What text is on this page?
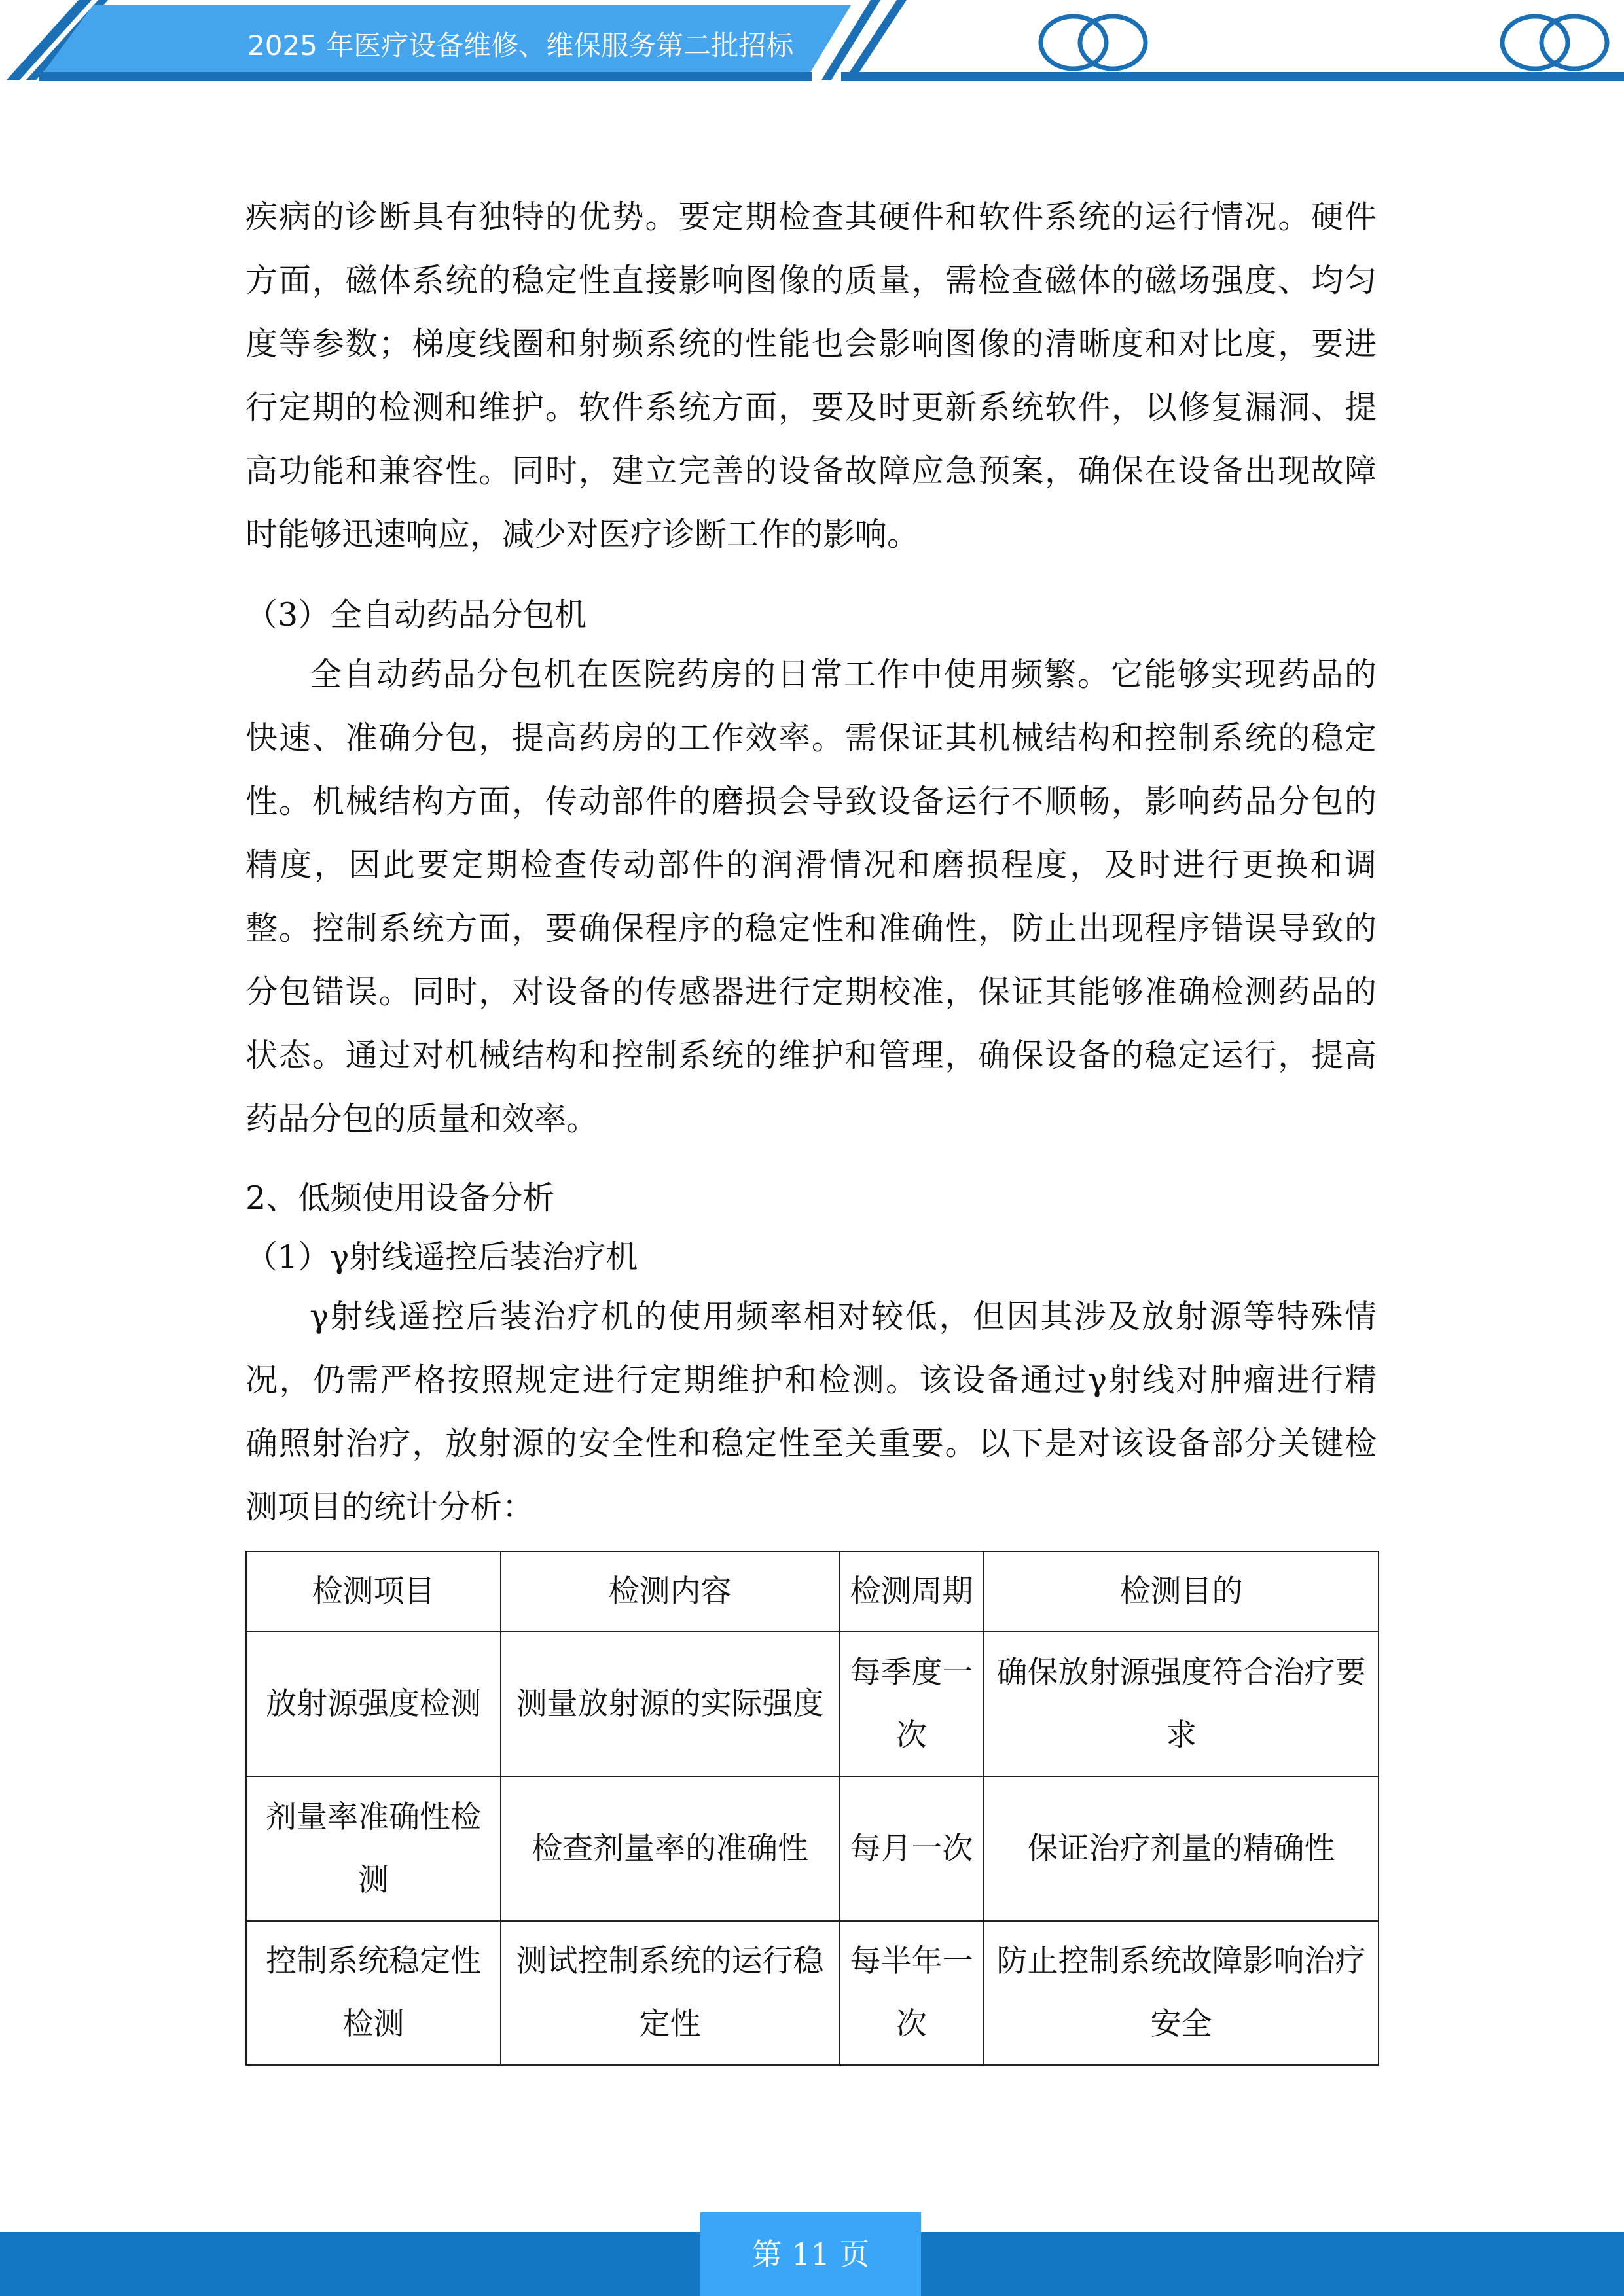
2025 年医疗设备维修、维保服务第二批招标
疾病的诊断具有独特的优势。要定期检查其硬件和软件系统的运行情况。硬件
方面，磁体系统的稳定性直接影响图像的质量，需检查磁体的磁场强度、均匀
度等参数；梯度线圈和射频系统的性能也会影响图像的清晰度和对比度，要进
行定期的检测和维护。软件系统方面，要及时更新系统软件，以修复漏洞、提
高功能和兼容性。同时，建立完善的设备故障应急预案，确保在设备出现故障
时能够迅速响应，减少对医疗诊断工作的影响。
（3）全自动药品分包机
全自动药品分包机在医院药房的日常工作中使用频繁。它能够实现药品的
快速、准确分包，提高药房的工作效率。需保证其机械结构和控制系统的稳定
性。机械结构方面，传动部件的磨损会导致设备运行不顺畅，影响药品分包的
精度，因此要定期检查传动部件的润滑情况和磨损程度，及时进行更换和调
整。控制系统方面，要确保程序的稳定性和准确性，防止出现程序错误导致的
分包错误。同时，对设备的传感器进行定期校准，保证其能够准确检测药品的
状态。通过对机械结构和控制系统的维护和管理，确保设备的稳定运行，提高
药品分包的质量和效率。
2、低频使用设备分析
（1）γ射线遥控后装治疗机
γ射线遥控后装治疗机的使用频率相对较低，但因其涉及放射源等特殊情
况，仍需严格按照规定进行定期维护和检测。该设备通过γ射线对肿瘤进行精
确照射治疗，放射源的安全性和稳定性至关重要。以下是对该设备部分关键检
测项目的统计分析：
检测项目	检测内容	检测周期	检测目的
放射源强度检测	测量放射源的实际强度	每季度一次	确保放射源强度符合治疗要求
剂量率准确性检测	检查剂量率的准确性	每月一次	保证治疗剂量的精确性
控制系统稳定性检测	测试控制系统的运行稳定性	每半年一次	防止控制系统故障影响治疗安全
第 11 页
